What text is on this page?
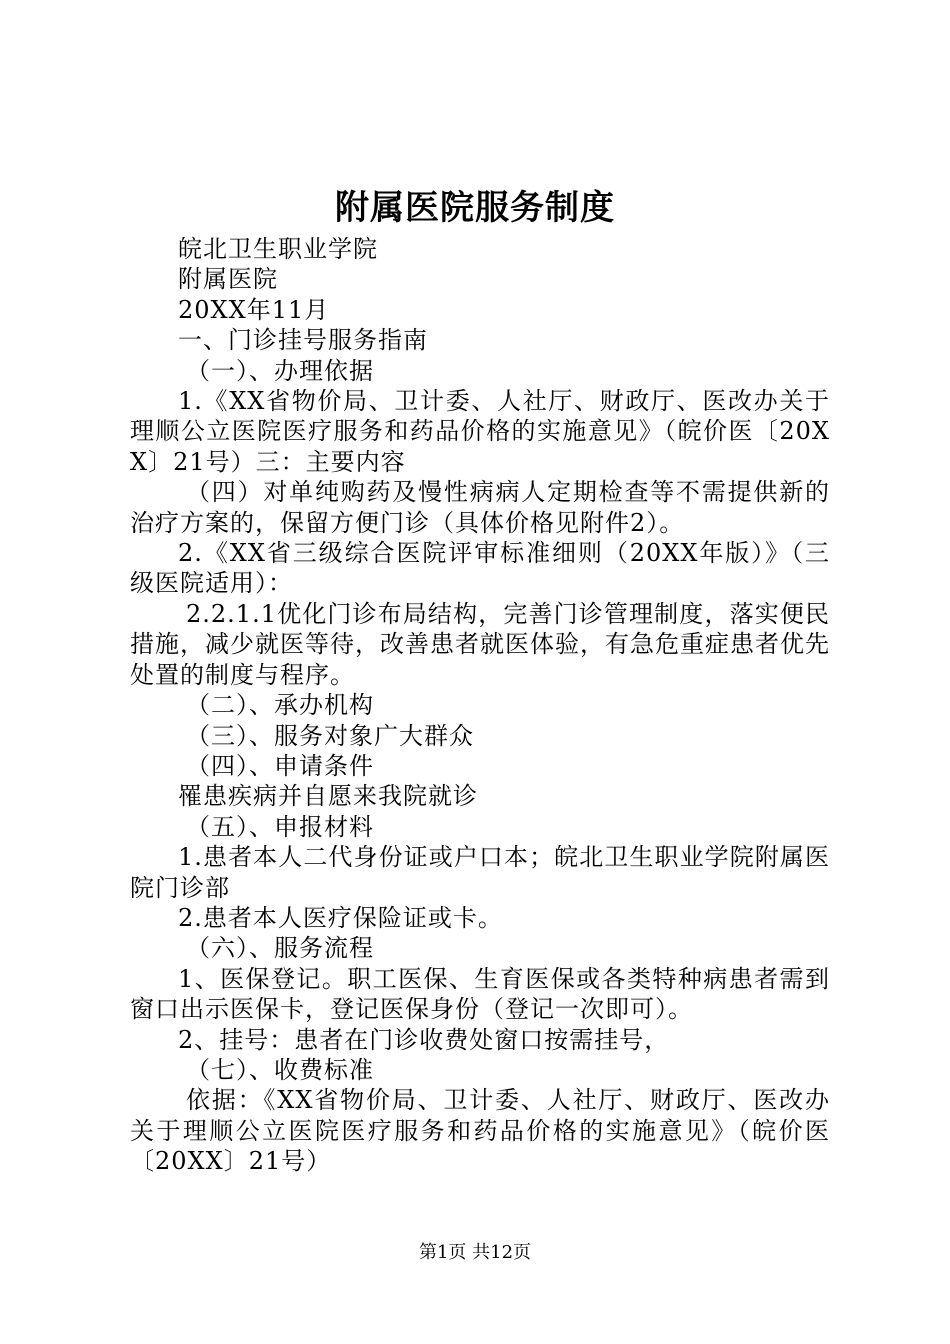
附属医院服务制度

皖北卫生职业学院

附属医院

20XX年11月

一、门诊挂号服务指南

（一）、办理依据

1.《XX省物价局、卫计委、人社厅、财政厅、医改办关于理顺公立医院医疗服务和药品价格的实施意见》（皖价医〔20XX〕21号）三：主要内容

（四）对单纯购药及慢性病病人定期检查等不需提供新的治疗方案的，保留方便门诊（具体价格见附件2）。

2.《XX省三级综合医院评审标准细则（20XX年版）》（三级医院适用）：

2.2.1.1优化门诊布局结构，完善门诊管理制度，落实便民措施，减少就医等待，改善患者就医体验，有急危重症患者优先处置的制度与程序。

（二）、承办机构

（三）、服务对象广大群众

（四）、申请条件

罹患疾病并自愿来我院就诊

（五）、申报材料

1.患者本人二代身份证或户口本；皖北卫生职业学院附属医院门诊部

2.患者本人医疗保险证或卡。

（六）、服务流程

1、医保登记。职工医保、生育医保或各类特种病患者需到窗口出示医保卡，登记医保身份（登记一次即可）。

2、挂号：患者在门诊收费处窗口按需挂号，

（七）、收费标准

依据：《XX省物价局、卫计委、人社厅、财政厅、医改办关于理顺公立医院医疗服务和药品价格的实施意见》（皖价医〔20XX〕21号）

第1页 共12页
